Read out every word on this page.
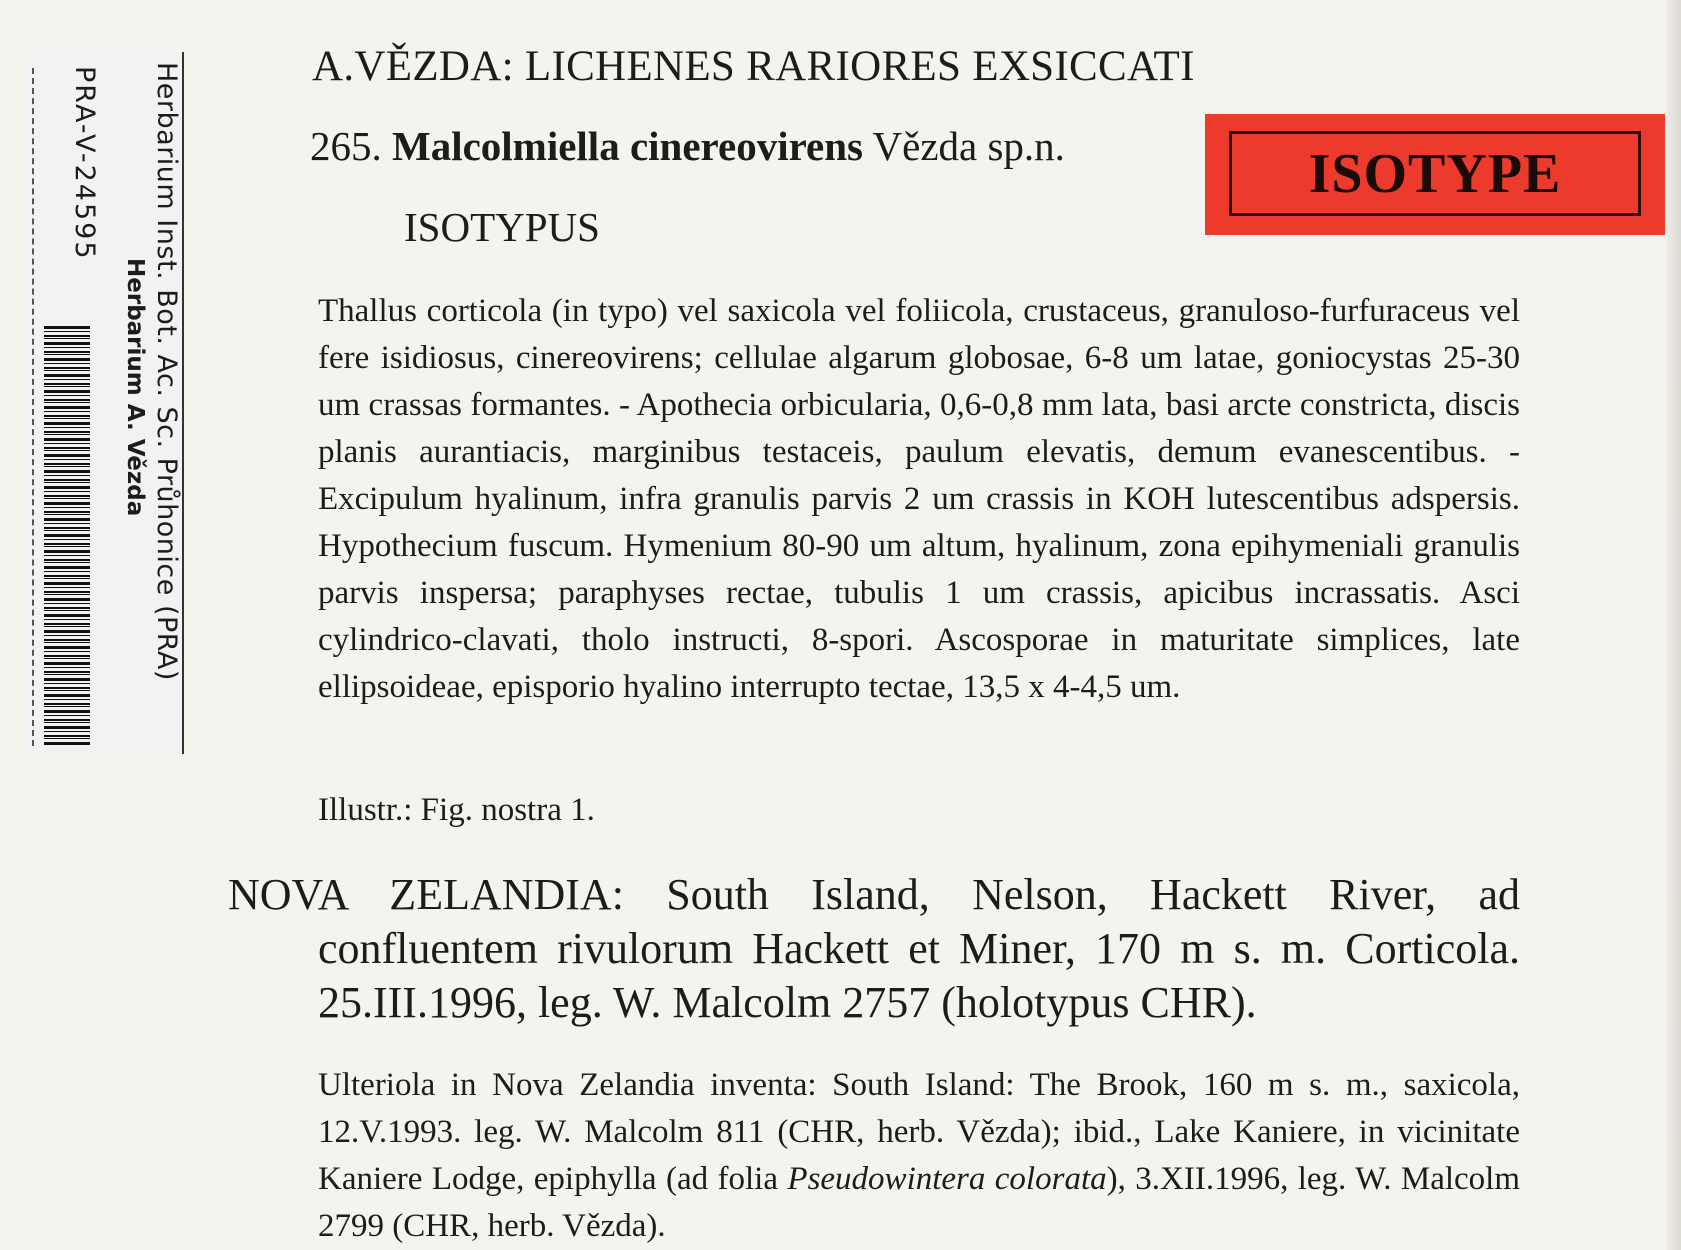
Herbarium Inst. Bot. Ac. Sc. Průhonice (PRA)
Herbarium A. Vězda
PRA-V-24595	A.VĚZDA: LICHENES RARIORES EXSICCATI
265. Malcolmiella cinereovirens Vězda sp.n.
ISOTYPUS
ISOTYPE

Thallus corticola (in typo) vel saxicola vel foliicola, crustaceus, granuloso-furfuraceus vel fere isidiosus, cinereovirens; cellulae algarum globosae, 6-8 um latae, goniocystas 25-30 um crassas formantes. - Apothecia orbicularia, 0,6-0,8 mm lata, basi arcte constricta, discis planis aurantiacis, marginibus testaceis, paulum elevatis, demum evanescentibus. - Excipulum hyalinum, infra granulis parvis 2 um crassis in KOH lutescentibus adspersis. Hypothecium fuscum. Hymenium 80-90 um altum, hyalinum, zona epihymeniali granulis parvis inspersa; paraphyses rectae, tubulis 1 um crassis, apicibus incrassatis. Asci cylindrico-clavati, tholo instructi, 8-spori. Ascosporae in maturitate simplices, late ellipsoideae, episporio hyalino interrupto tectae, 13,5 x 4-4,5 um.

Illustr.: Fig. nostra 1.

NOVA ZELANDIA: South Island, Nelson, Hackett River, ad confluentem rivulorum Hackett et Miner, 170 m s. m. Corticola. 25.III.1996, leg. W. Malcolm 2757 (holotypus CHR).

Ulteriola in Nova Zelandia inventa: South Island: The Brook, 160 m s. m., saxicola, 12.V.1993. leg. W. Malcolm 811 (CHR, herb. Vězda); ibid., Lake Kaniere, in vicinitate Kaniere Lodge, epiphylla (ad folia Pseudowintera colorata), 3.XII.1996, leg. W. Malcolm 2799 (CHR, herb. Vězda).
